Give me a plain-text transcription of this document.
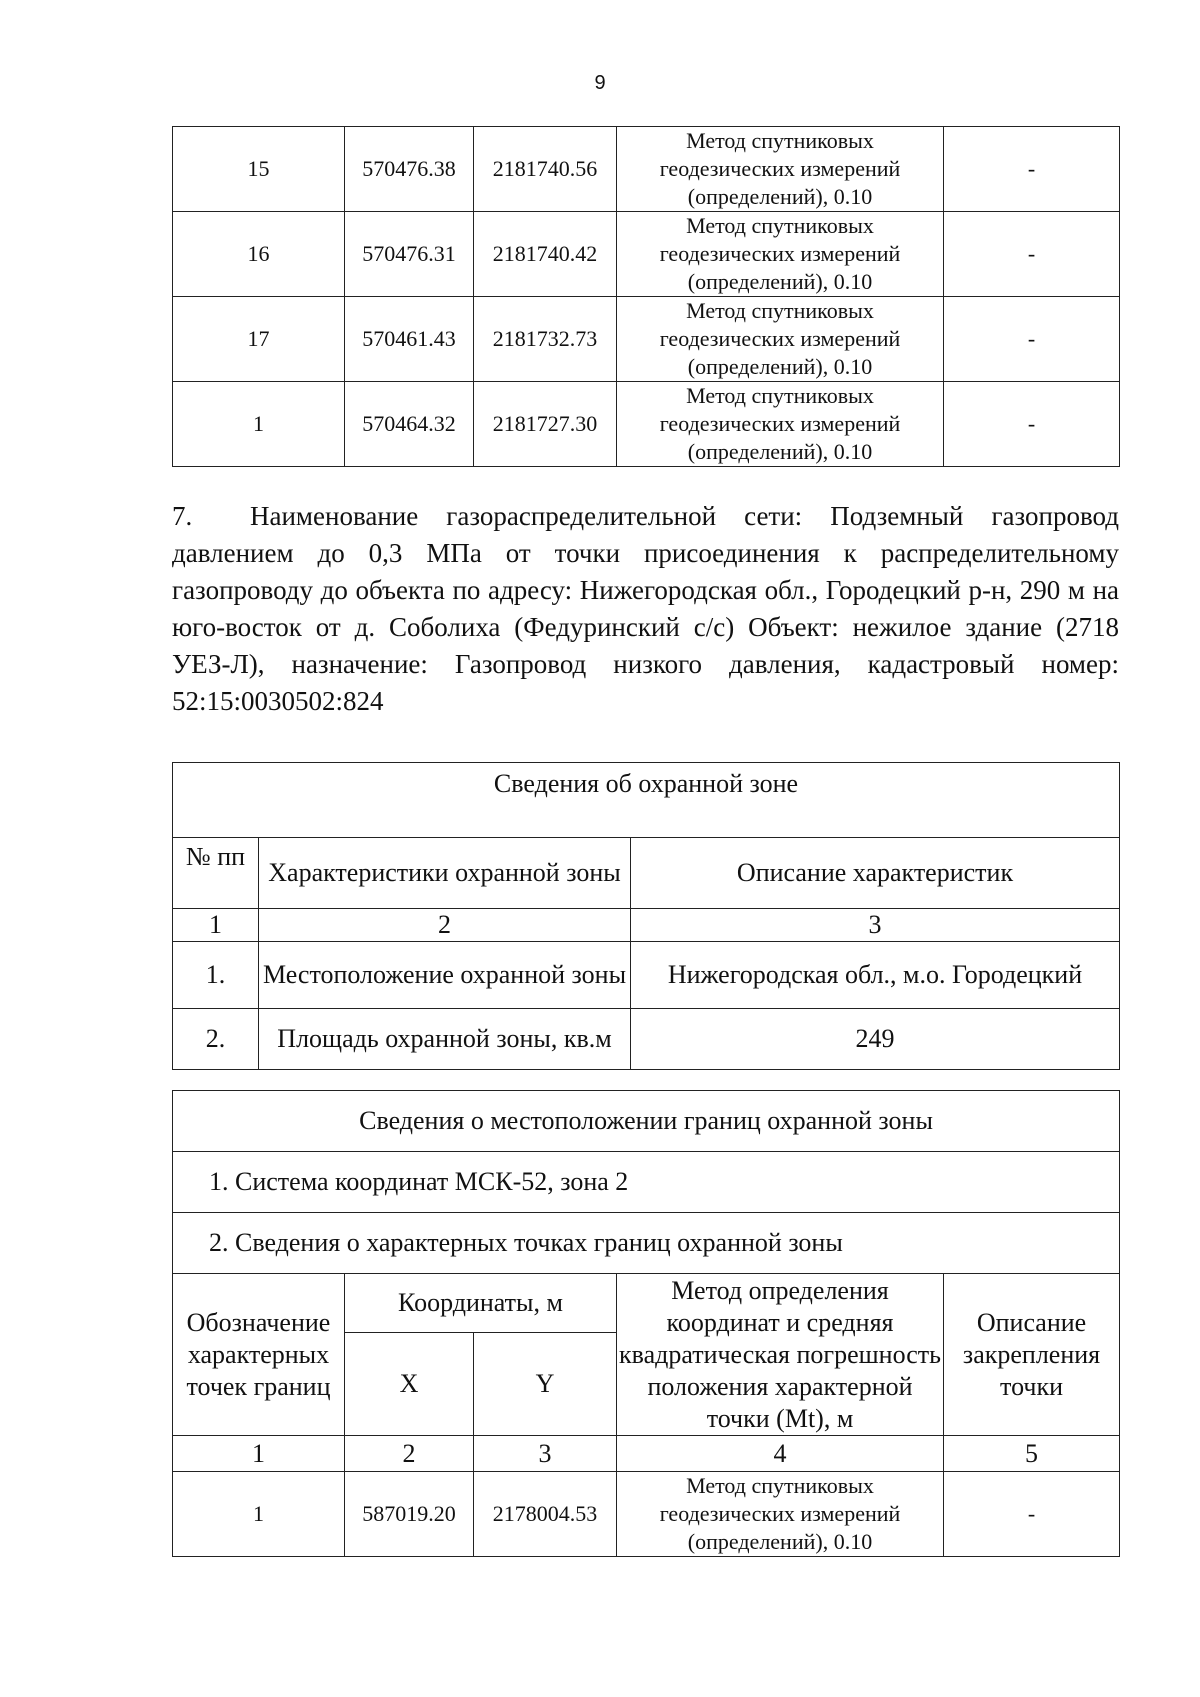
9
15	570476.38	2181740.56	Метод спутниковых геодезических измерений (определений), 0.10	-
16	570476.31	2181740.42	Метод спутниковых геодезических измерений (определений), 0.10	-
17	570461.43	2181732.73	Метод спутниковых геодезических измерений (определений), 0.10	-
1	570464.32	2181727.30	Метод спутниковых геодезических измерений (определений), 0.10	-

7. Наименование газораспределительной сети: Подземный газопровод давлением до 0,3 МПа от точки присоединения к распределительному газопроводу до объекта по адресу: Нижегородская обл., Городецкий р-н, 290 м на юго-восток от д. Соболиха (Федуринский с/с) Объект: нежилое здание (2718 УЕЗ-Л), назначение: Газопровод низкого давления, кадастровый номер: 52:15:0030502:824

Сведения об охранной зоне		
№ пп	Характеристики охранной зоны	Описание характеристик
1	2	3
1.	Местоположение охранной зоны	Нижегородская обл., м.о. Городецкий
2.	Площадь охранной зоны, кв.м	249
Сведения о местоположении границ охранной зоны				
1. Система координат МСК-52, зона 2				
2. Сведения о характерных точках границ охранной зоны				
Обозначение характерных точек границ	Координаты, м		Метод определения координат и средняя квадратическая погрешность положения характерной точки (Mt), м	Описание закрепления точки
	X	Y		
1	2	3	4	5
1	587019.20	2178004.53	Метод спутниковых геодезических измерений (определений), 0.10	-
